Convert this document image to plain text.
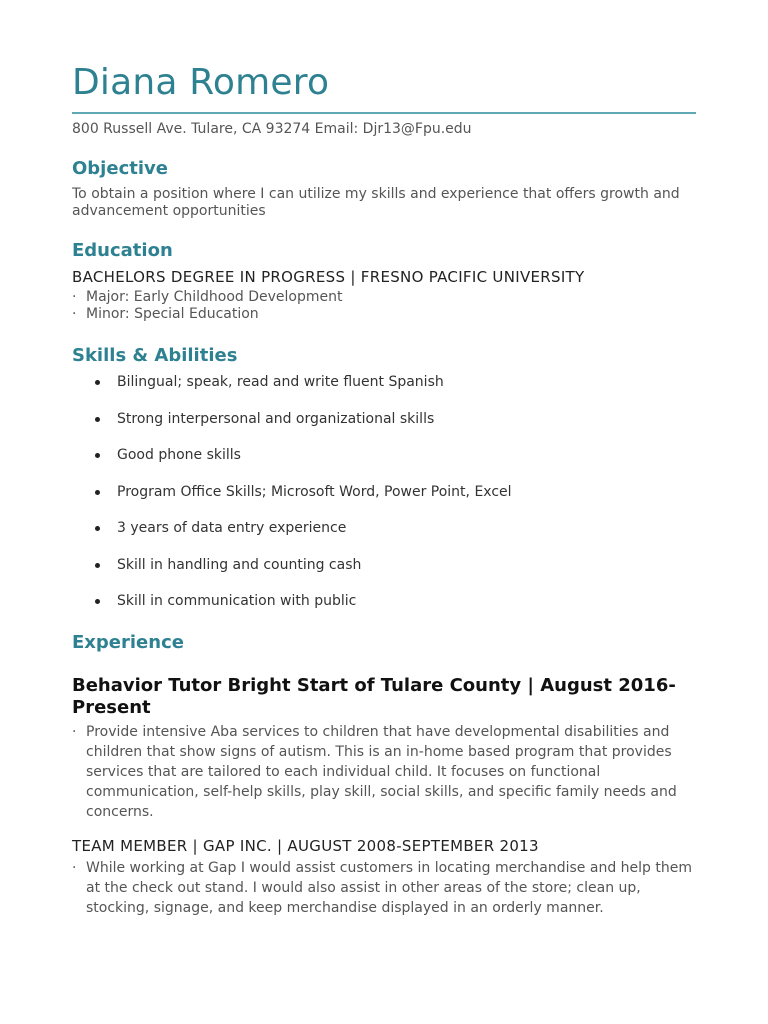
Diana Romero
800 Russell Ave. Tulare, CA 93274 Email: Djr13@Fpu.edu
Objective

To obtain a position where I can utilize my skills and experience that offers growth and advancement opportunities

Education
BACHELORS DEGREE IN PROGRESS | FRESNO PACIFIC UNIVERSITY
· Major: Early Childhood Development
· Minor: Special Education
Skills & Abilities
Bilingual; speak, read and write fluent Spanish
Strong interpersonal and organizational skills
Good phone skills
Program Office Skills; Microsoft Word, Power Point, Excel
3 years of data entry experience
Skill in handling and counting cash
Skill in communication with public
Experience
Behavior Tutor Bright Start of Tulare County | August 2016-Present
· Provide intensive Aba services to children that have developmental disabilities and children that show signs of autism. This is an in-home based program that provides services that are tailored to each individual child. It focuses on functional communication, self-help skills, play skill, social skills, and specific family needs and concerns.
TEAM MEMBER | GAP INC. | AUGUST 2008-SEPTEMBER 2013
· While working at Gap I would assist customers in locating merchandise and help them at the check out stand. I would also assist in other areas of the store; clean up, stocking, signage, and keep merchandise displayed in an orderly manner.
